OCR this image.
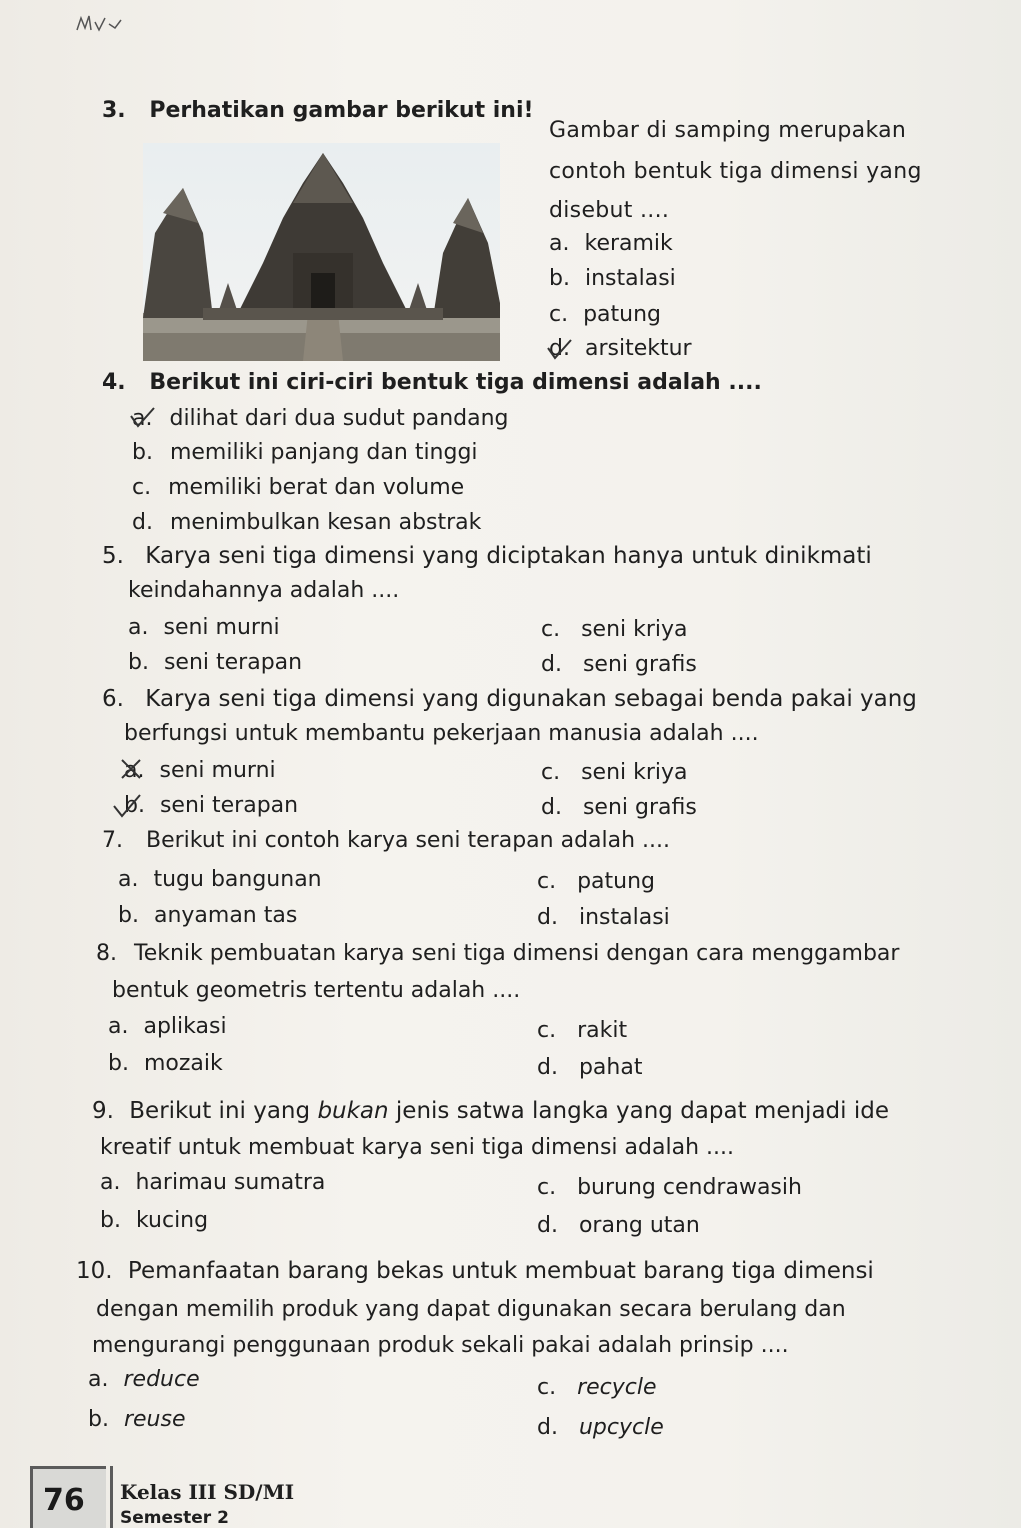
3. Perhatikan gambar berikut ini!
Gambar di samping merupakan
contoh bentuk tiga dimensi yang
disebut ....
a. keramik
b. instalasi
c. patung
d. arsitektur
4. Berikut ini ciri-ciri bentuk tiga dimensi adalah ....
a. dilihat dari dua sudut pandang
b. memiliki panjang dan tinggi
c. memiliki berat dan volume
d. menimbulkan kesan abstrak
5. Karya seni tiga dimensi yang diciptakan hanya untuk dinikmati
keindahannya adalah ....
a. seni murni
b. seni terapan
c. seni kriya
d. seni grafis
6. Karya seni tiga dimensi yang digunakan sebagai benda pakai yang
berfungsi untuk membantu pekerjaan manusia adalah ....
a. seni murni
b. seni terapan
c. seni kriya
d. seni grafis
7. Berikut ini contoh karya seni terapan adalah ....
a. tugu bangunan
b. anyaman tas
c. patung
d. instalasi
8. Teknik pembuatan karya seni tiga dimensi dengan cara menggambar
bentuk geometris tertentu adalah ....
a. aplikasi
b. mozaik
c. rakit
d. pahat
9. Berikut ini yang bukan jenis satwa langka yang dapat menjadi ide
kreatif untuk membuat karya seni tiga dimensi adalah ....
a. harimau sumatra
b. kucing
c. burung cendrawasih
d. orang utan
10. Pemanfaatan barang bekas untuk membuat barang tiga dimensi
dengan memilih produk yang dapat digunakan secara berulang dan
mengurangi penggunaan produk sekali pakai adalah prinsip ....
a. reduce
b. reuse
c. recycle
d. upcycle
76 Kelas III SD/MI
Semester 2
